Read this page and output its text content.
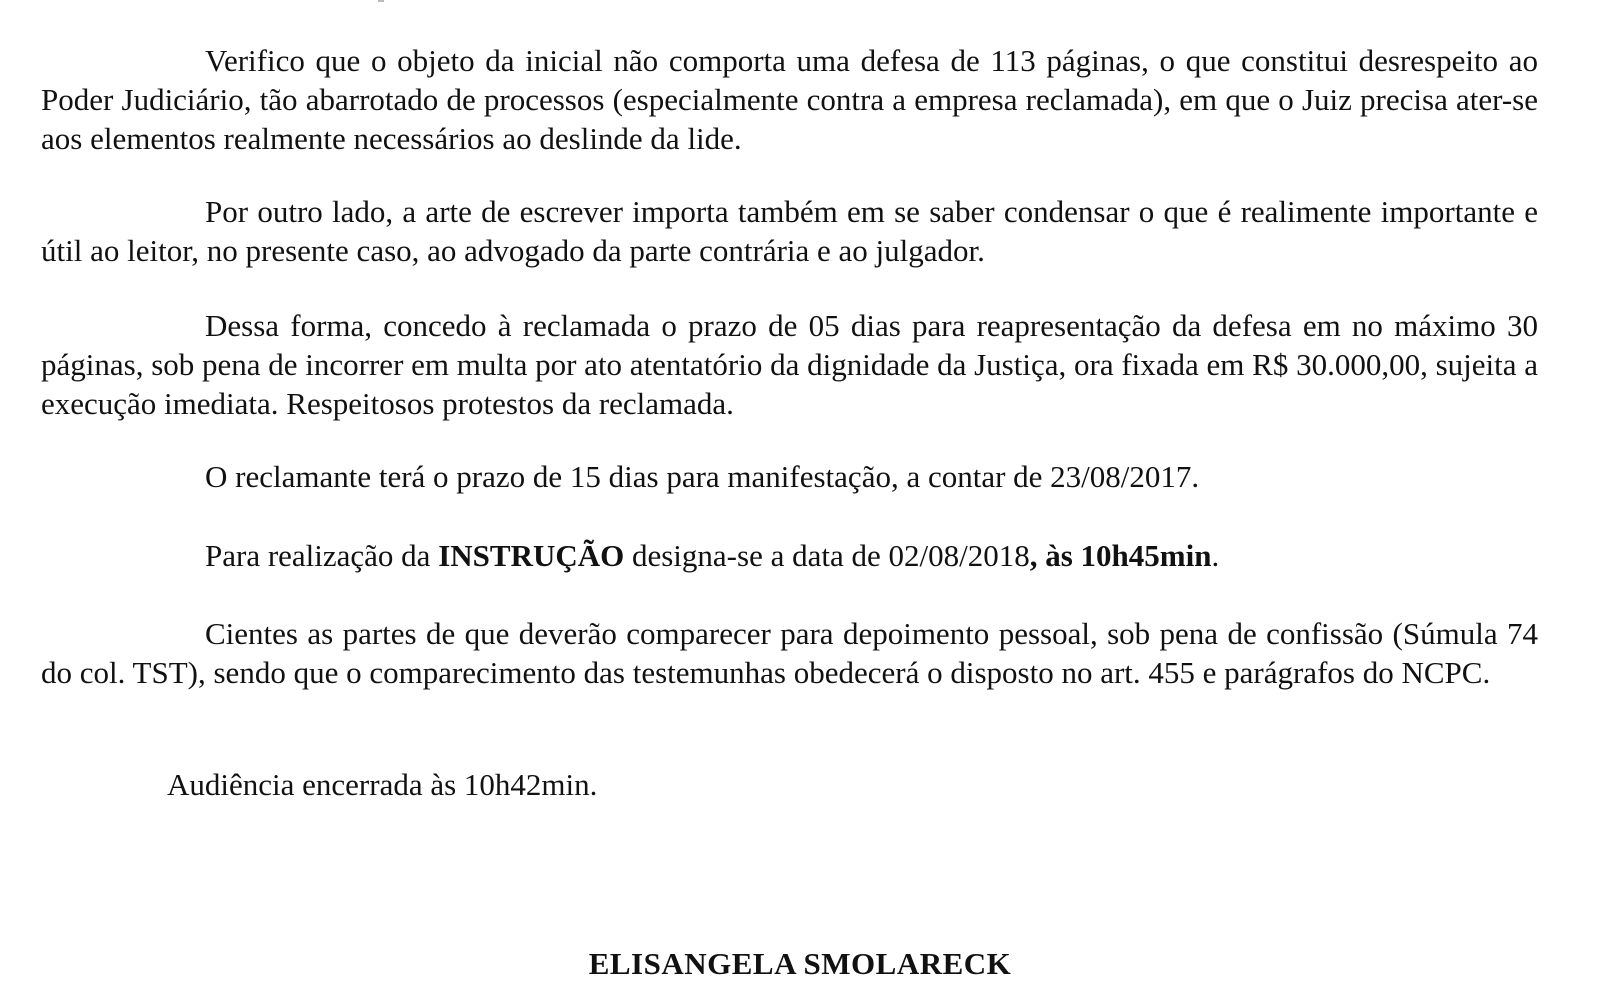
Verifico que o objeto da inicial não comporta uma defesa de 113 páginas, o que constitui desrespeito ao Poder Judiciário, tão abarrotado de processos (especialmente contra a empresa reclamada), em que o Juiz precisa ater-se aos elementos realmente necessários ao deslinde da lide.

Por outro lado, a arte de escrever importa também em se saber condensar o que é realimente importante e útil ao leitor, no presente caso, ao advogado da parte contrária e ao julgador.

Dessa forma, concedo à reclamada o prazo de 05 dias para reapresentação da defesa em no máximo 30 páginas, sob pena de incorrer em multa por ato atentatório da dignidade da Justiça, ora fixada em R$ 30.000,00, sujeita a execução imediata. Respeitosos protestos da reclamada.

O reclamante terá o prazo de 15 dias para manifestação, a contar de 23/08/2017.

Para realização da INSTRUÇÃO designa-se a data de 02/08/2018, às 10h45min.

Cientes as partes de que deverão comparecer para depoimento pessoal, sob pena de confissão (Súmula 74 do col. TST), sendo que o comparecimento das testemunhas obedecerá o disposto no art. 455 e parágrafos do NCPC.

Audiência encerrada às 10h42min.

ELISANGELA SMOLARECK
